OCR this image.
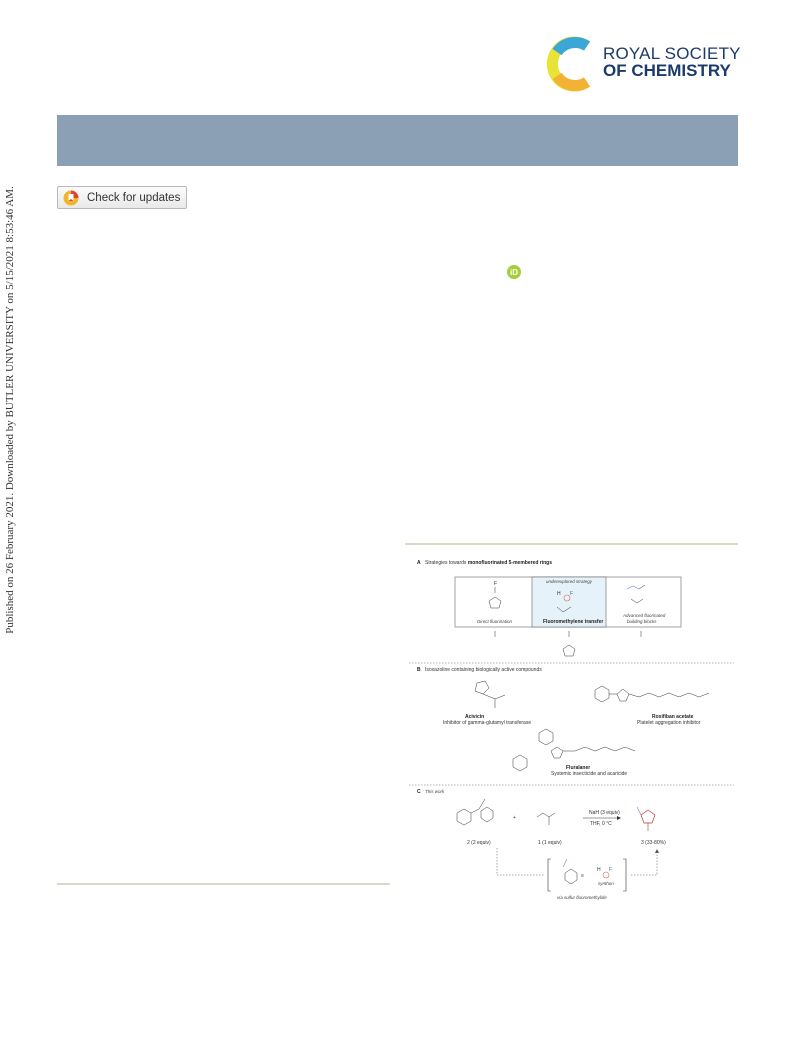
Published on 26 February 2021. Downloaded by BUTLER UNIVERSITY on 5/15/2021 8:53:46 AM.
ROYAL SOCIETY
OF CHEMISTRY
Check for updates
iD
A Strategies towards monofluorinated 5-membered rings
F
Direct fluorination
underexplored strategy
H F
Fluoromethylene transfer
Advanced fluorinated
building blocks
B Isoxazoline containing biologically active compounds
Acivicin
Inhibitor of gamma-glutamyl transferase
Roxifiban acetate
Platelet aggregation inhibitor
Fluralaner
Systemic insecticide and acaricide
C This work
2 (2 equiv)
+
1 (1 equiv)
NaH (3 equiv)
THF, 0 °C
3 (33-80%)
≡
H F
synthon
via sulfur fluoromethylide
